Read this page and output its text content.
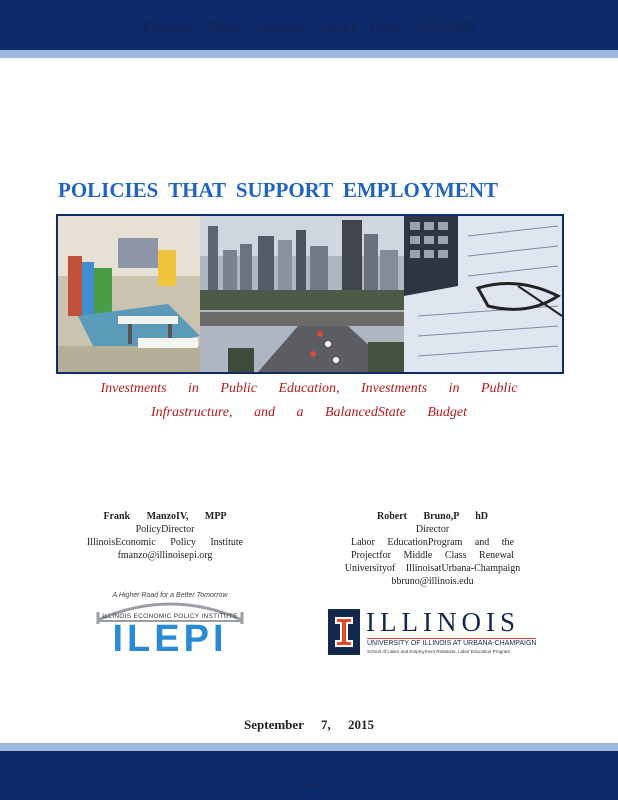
Electronic Filing: Received, Clerk's Office 01/21/2025
POLICIES THAT SUPPORT EMPLOYMENT
Investments in Public Education, Investments in Public
Infrastructure, and a BalancedState Budget
Frank ManzoIV, MPP
PolicyDirector
IllinoisEconomic Policy Institute
fmanzo@illinoisepi.org
Robert Bruno,P hD
Director
Labor EducationProgram and the
Projectfor Middle Class Renewal
Universityof IllinoisatUrbana-Champaign
bbruno@illinois.edu
A Higher Road for a Better Tomorrow
ILLINOIS ECONOMIC POLICY INSTITUTE
ILEPI	ILLINOIS
UNIVERSITY OF ILLINOIS AT URBANA-CHAMPAIGN
School of Labor and Employment Relations, Labor Education Program
September 7, 2015
